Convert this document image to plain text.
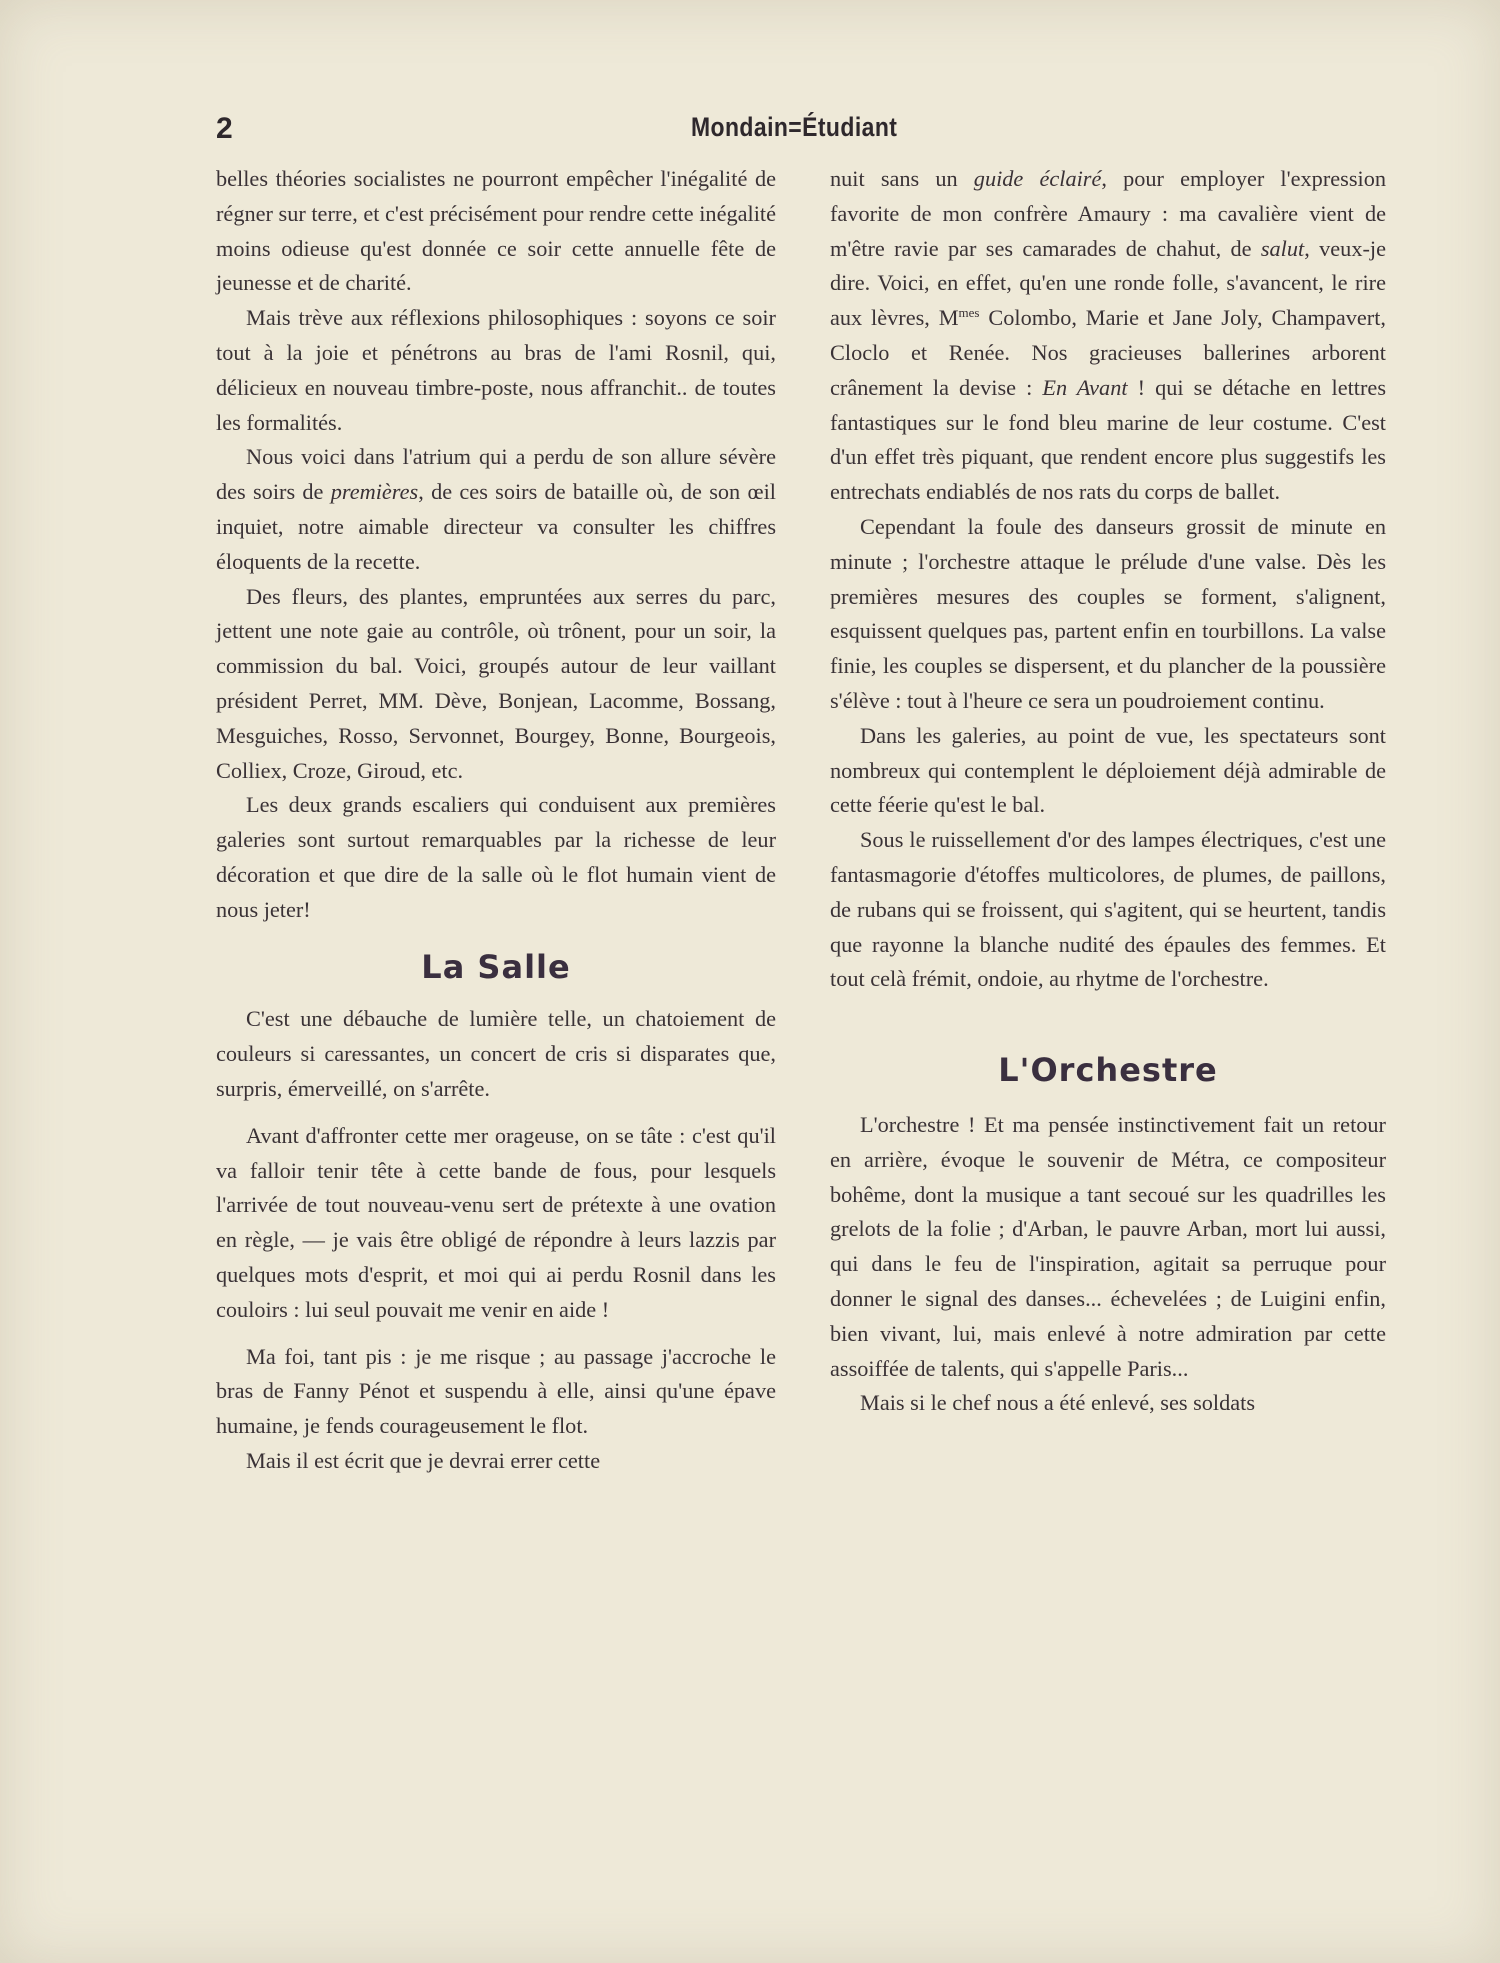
2	Mondain=Étudiant

belles théories socialistes ne pourront empêcher l'inégalité de régner sur terre, et c'est précisément pour rendre cette inégalité moins odieuse qu'est donnée ce soir cette annuelle fête de jeunesse et de charité.

Mais trève aux réflexions philosophiques : soyons ce soir tout à la joie et pénétrons au bras de l'ami Rosnil, qui, délicieux en nouveau timbre-poste, nous affranchit.. de toutes les formalités.

Nous voici dans l'atrium qui a perdu de son allure sévère des soirs de premières, de ces soirs de bataille où, de son œil inquiet, notre aimable directeur va consulter les chiffres éloquents de la recette.

Des fleurs, des plantes, empruntées aux serres du parc, jettent une note gaie au contrôle, où trônent, pour un soir, la commission du bal. Voici, groupés autour de leur vaillant président Perret, MM. Dève, Bonjean, Lacomme, Bossang, Mesguiches, Rosso, Servonnet, Bourgey, Bonne, Bourgeois, Colliex, Croze, Giroud, etc.

Les deux grands escaliers qui conduisent aux premières galeries sont surtout remarquables par la richesse de leur décoration et que dire de la salle où le flot humain vient de nous jeter!

La Salle

C'est une débauche de lumière telle, un chatoiement de couleurs si caressantes, un concert de cris si disparates que, surpris, émerveillé, on s'arrête.

Avant d'affronter cette mer orageuse, on se tâte : c'est qu'il va falloir tenir tête à cette bande de fous, pour lesquels l'arrivée de tout nouveau-venu sert de prétexte à une ovation en règle, — je vais être obligé de répondre à leurs lazzis par quelques mots d'esprit, et moi qui ai perdu Rosnil dans les couloirs : lui seul pouvait me venir en aide !

Ma foi, tant pis : je me risque ; au passage j'accroche le bras de Fanny Pénot et suspendu à elle, ainsi qu'une épave humaine, je fends courageusement le flot.

Mais il est écrit que je devrai errer cette

nuit sans un guide éclairé, pour employer l'expression favorite de mon confrère Amaury : ma cavalière vient de m'être ravie par ses camarades de chahut, de salut, veux-je dire. Voici, en effet, qu'en une ronde folle, s'avancent, le rire aux lèvres, $M^{mes}$ Colombo, Marie et Jane Joly, Champavert, Cloclo et Renée. Nos gracieuses ballerines arborent crânement la devise : En Avant ! qui se détache en lettres fantastiques sur le fond bleu marine de leur costume. C'est d'un effet très piquant, que rendent encore plus suggestifs les entrechats endiablés de nos rats du corps de ballet.

Cependant la foule des danseurs grossit de minute en minute ; l'orchestre attaque le prélude d'une valse. Dès les premières mesures des couples se forment, s'alignent, esquissent quelques pas, partent enfin en tourbillons. La valse finie, les couples se dispersent, et du plancher de la poussière s'élève : tout à l'heure ce sera un poudroiement continu.

Dans les galeries, au point de vue, les spectateurs sont nombreux qui contemplent le déploiement déjà admirable de cette féerie qu'est le bal.

Sous le ruissellement d'or des lampes électriques, c'est une fantasmagorie d'étoffes multicolores, de plumes, de paillons, de rubans qui se froissent, qui s'agitent, qui se heurtent, tandis que rayonne la blanche nudité des épaules des femmes. Et tout celà frémit, ondoie, au rhytme de l'orchestre.

L'Orchestre

L'orchestre ! Et ma pensée instinctivement fait un retour en arrière, évoque le souvenir de Métra, ce compositeur bohême, dont la musique a tant secoué sur les quadrilles les grelots de la folie ; d'Arban, le pauvre Arban, mort lui aussi, qui dans le feu de l'inspiration, agitait sa perruque pour donner le signal des danses... échevelées ; de Luigini enfin, bien vivant, lui, mais enlevé à notre admiration par cette assoiffée de talents, qui s'appelle Paris...

Mais si le chef nous a été enlevé, ses soldats
